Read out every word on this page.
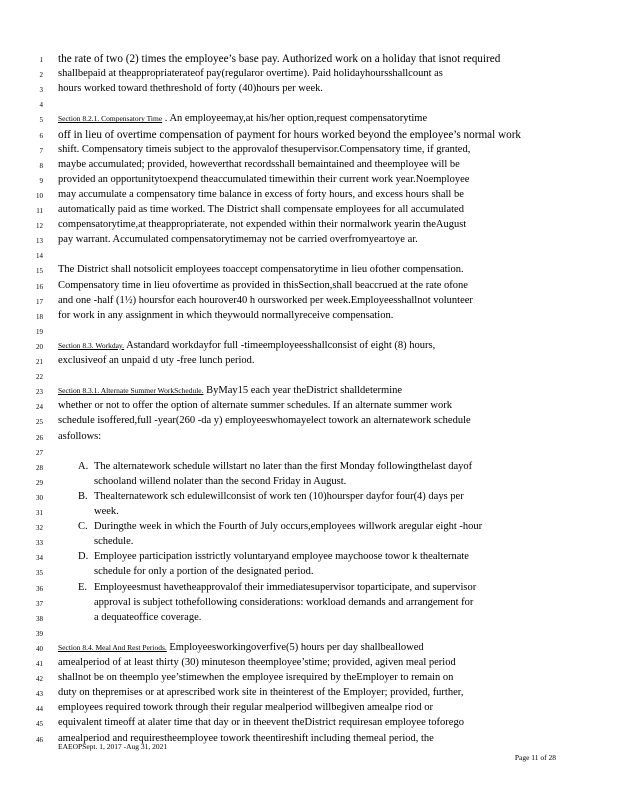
1 the rate of two (2) times the employee’s base pay. Authorized work on a holiday that isnot required
2 shallbepaid at theappropriaterateof pay(regularor overtime). Paid holidayhoursshallcount as
3 hours worked toward thethreshold of forty (40)hours per week.
4
5 Section 8.2.1. Compensatory Time . An employeemay,at his/her option,request compensatorytime
6 off in lieu of overtime compensation of payment for hours worked beyond the employee’s normal work
7 shift. Compensatory timeis subject to the approvalof thesupervisor.Compensatory time, if granted,
8 maybe accumulated; provided, howeverthat recordsshall bemaintained and theemployee will be
9 provided an opportunitytoexpend theaccumulated timewithin their current work year.Noemployee
10 may accumulate a compensatory time balance in excess of forty hours, and excess hours shall be
11 automatically paid as time worked. The District shall compensate employees for all accumulated
12 compensatorytime,at theappropriaterate, not expended within their normalwork yearin theAugust
13 pay warrant. Accumulated compensatorytimemay not be carried overfromyeartoye ar.
14
15 The District shall notsolicit employees toaccept compensatorytime in lieu ofother compensation.
16 Compensatory time in lieu ofovertime as provided in thisSection,shall beaccrued at the rate ofone
17 and one -half (1½) hoursfor each hourover40 h oursworked per week.Employeesshallnot volunteer
18 for work in any assignment in which theywould normallyreceive compensation.
19
20 Section 8.3. Workday. Astandard workdayfor full -timeemployeesshallconsist of eight (8) hours,
21 exclusiveof an unpaid d uty -free lunch period.
22
23 Section 8.3.1. Alternate Summer WorkSchedule. ByMay15 each year theDistrict shalldetermine
24 whether or not to offer the option of alternate summer schedules. If an alternate summer work
25 schedule isoffered,full -year(260 -da y) employeeswhomayelect towork an alternatework schedule
26 asfollows:
27
28
29
30
31
32
33
34
35
36
37
38
39
40 Section 8.4. Meal And Rest Periods. Employeesworkingoverfive(5) hours per day shallbeallowed
41 amealperiod of at least thirty (30) minuteson theemployee’stime; provided, agiven meal period
42 shallnot be on theemplo yee’stimewhen the employee isrequired by theEmployer to remain on
43 duty on thepremises or at aprescribed work site in theinterest of the Employer; provided, further,
44 employees required towork through their regular mealperiod willbegiven amealpe riod or
45 equivalent timeoff at alater time that day or in theevent theDistrict requiresan employee toforego
46 amealperiod and requirestheemployee towork theentireshift including themeal period, the
A. The alternatework schedule willstart no later than the first Monday followingthelast dayof
schooland willend nolater than the second Friday in August.
B. Thealternatework sch edulewillconsist of work ten (10)hoursper dayfor four(4) days per
week.
C. Duringthe week in which the Fourth of July occurs,employees willwork aregular eight -hour
schedule.
D. Employee participation isstrictly voluntaryand employee maychoose towor k thealternate
schedule for only a portion of the designated period.
E. Employeesmust havetheapprovalof their immediatesupervisor toparticipate, and supervisor
approval is subject tothefollowing considerations: workload demands and arrangement for
a dequateoffice coverage.
EAEOPSept. 1, 2017 -Aug 31, 2021
Page 11 of 28
